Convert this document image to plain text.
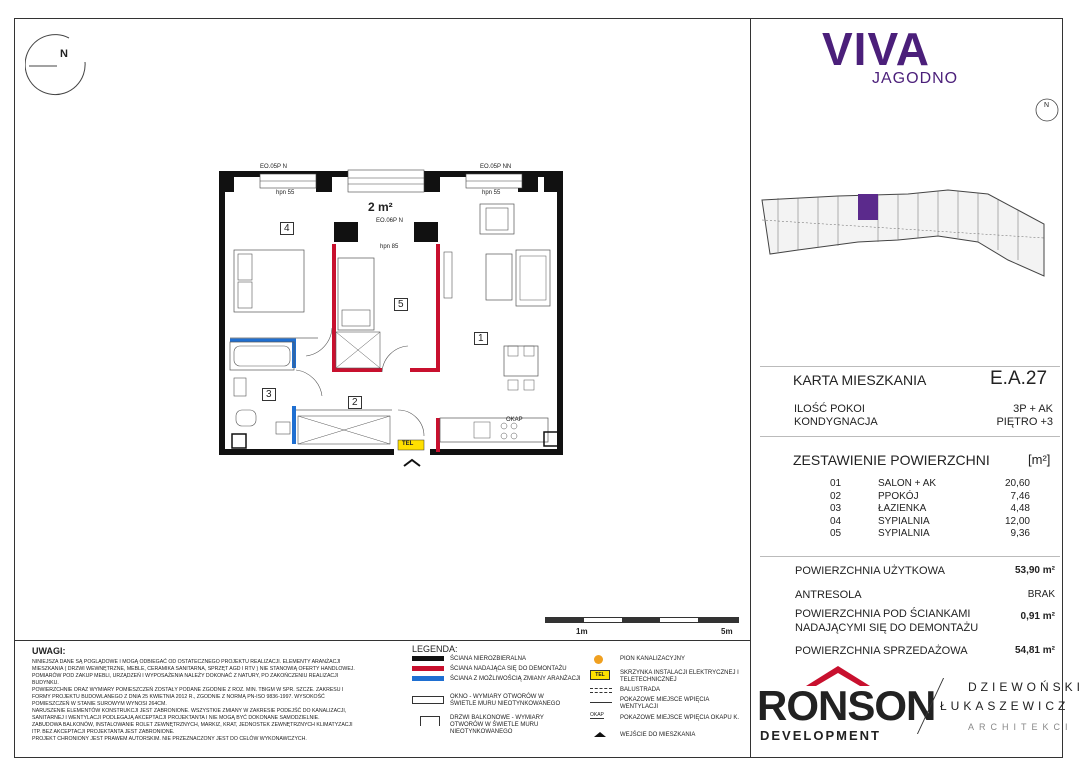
N
EO.05P N	EO.05P NN
EO.06P N
hpn 55
hpn 85
hpn 55
2 m²
4
5
1
3
2
TEL
OKAP
1m	5m
UWAGI:
NINIEJSZA DANE SĄ POGLĄDOWE I MOGĄ ODBIEGAĆ OD OSTATECZNEGO PROJEKTU REALIZACJI. ELEMENTY ARANŻACJI
MIESZKANIA ( DRZWI WEWNĘTRZNE, MEBLE, CERAMIKA SANITARNA, SPRZĘT AGD I RTV ) NIE STANOWIĄ OFERTY HANDLOWEJ.
POMIARÓW POD ZAKUP MEBLI, URZĄDZEŃ I WYPOSAŻENIA NALEŻY DOKONAĆ Z NATURY, PO ZAKOŃCZENIU REALIZACJI
BUDYNKU.
POWIERZCHNIE ORAZ WYMIARY POMIESZCZEŃ ZOSTAŁY PODANE ZGODNIE Z ROZ. MIN. TBIGM W SPR. SZCZE. ZAKRESU I
FORMY PROJEKTU BUDOWLANEGO Z DNIA 25 KWIETNIA 2012 R., ZGODNIE Z NORMĄ PN-ISO 9836-1997. WYSOKOŚĆ
POMIESZCZEŃ W STANIE SUROWYM WYNOSI 264CM.
NARUSZENIE ELEMENTÓW KONSTRUKCJI JEST ZABRONIONE. WSZYSTKIE ZMIANY W ZAKRESIE PODEJŚĆ DO KANALIZACJI,
SANITARNEJ I WENTYLACJI PODLEGAJĄ AKCEPTACJI PROJEKTANTA I NIE MOGĄ BYĆ DOKONANE SAMODZIELNIE.
ZABUDOWA BALKONÓW, INSTALOWANIE ROLET ZEWNĘTRZNYCH, MARKIZ, KRAT, JEDNOSTEK ZEWNĘTRZNYCH KLIMATYZACJI
ITP. BEZ AKCEPTACJI PROJEKTANTA JEST ZABRONIONE.
PROJEKT CHRONIONY JEST PRAWEM AUTORSKIM. NIE PRZEZNACZONY JEST DO CELÓW WYKONAWCZYCH.
LEGENDA:
ŚCIANA NIEROZBIERALNA
ŚCIANA NADAJĄCA SIĘ DO DEMONTAŻU
ŚCIANA Z MOŻLIWOŚCIĄ ZMIANY ARANŻACJI
OKNO - WYMIARY OTWORÓW W
ŚWIETLE MURU NIEOTYNKOWANEGO
DRZWI BALKONOWE - WYMIARY
OTWORÓW W ŚWIETLE MURU
NIEOTYNKOWANEGO
PION KANALIZACYJNY
TEL	SKRZYNKA INSTALACJI ELEKTRYCZNEJ I
TELETECHNICZNEJ
BALUSTRADA
POKAZOWE MIEJSCE WPIĘCIA
WENTYLACJI
OKAP	POKAZOWE MIEJSCE WPIĘCIA OKAPU K.
WEJŚCIE DO MIESZKANIA
VIVA
JAGODNO
N
KARTA MIESZKANIA	E.A.27
ILOŚĆ POKOI	3P + AK
KONDYGNACJA	PIĘTRO +3
ZESTAWIENIE POWIERZCHNI	[m²]
01	SALON + AK	20,60
02	PPOKÓJ	7,46
03	ŁAZIENKA	4,48
04	SYPIALNIA	12,00
05	SYPIALNIA	9,36
POWIERZCHNIA UŻYTKOWA	53,90 m²
ANTRESOLA	BRAK
POWIERZCHNIA POD ŚCIANKAMI
NADAJĄCYMI SIĘ DO DEMONTAŻU
0,91 m²
POWIERZCHNIA SPRZEDAŻOWA	54,81 m²
RONSON
DEVELOPMENT
DZIEWOŃSKI
ŁUKASZEWICZ
ARCHITEKCI
